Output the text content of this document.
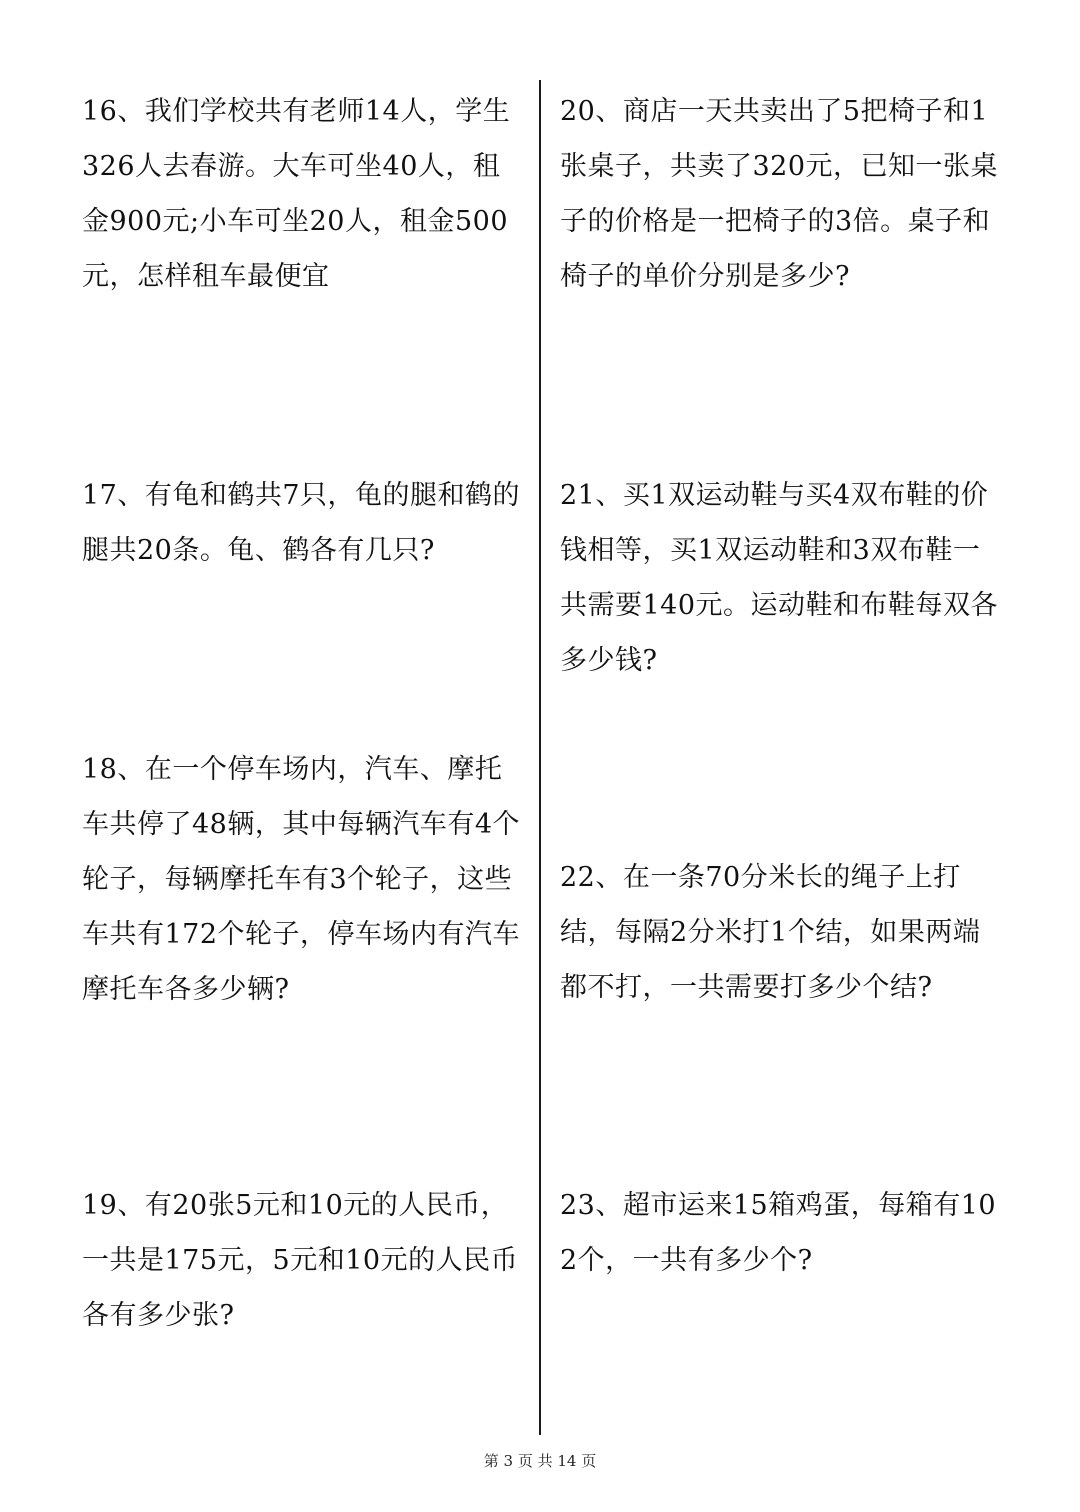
16、我们学校共有老师14人，学生326人去春游。大车可坐40人，租金900元;小车可坐20人，租金500元，怎样租车最便宜

17、有龟和鹤共7只，龟的腿和鹤的腿共20条。龟、鹤各有几只?

18、在一个停车场内，汽车、摩托车共停了48辆，其中每辆汽车有4个轮子，每辆摩托车有3个轮子，这些车共有172个轮子，停车场内有汽车摩托车各多少辆?

19、有20张5元和10元的人民币，一共是175元，5元和10元的人民币各有多少张?

20、商店一天共卖出了5把椅子和1张桌子，共卖了320元，已知一张桌子的价格是一把椅子的3倍。桌子和椅子的单价分别是多少?

21、买1双运动鞋与买4双布鞋的价钱相等，买1双运动鞋和3双布鞋一共需要140元。运动鞋和布鞋每双各多少钱?

22、在一条70分米长的绳子上打结，每隔2分米打1个结，如果两端都不打，一共需要打多少个结?

23、超市运来15箱鸡蛋，每箱有102个，一共有多少个?

第 3 页 共 14 页
